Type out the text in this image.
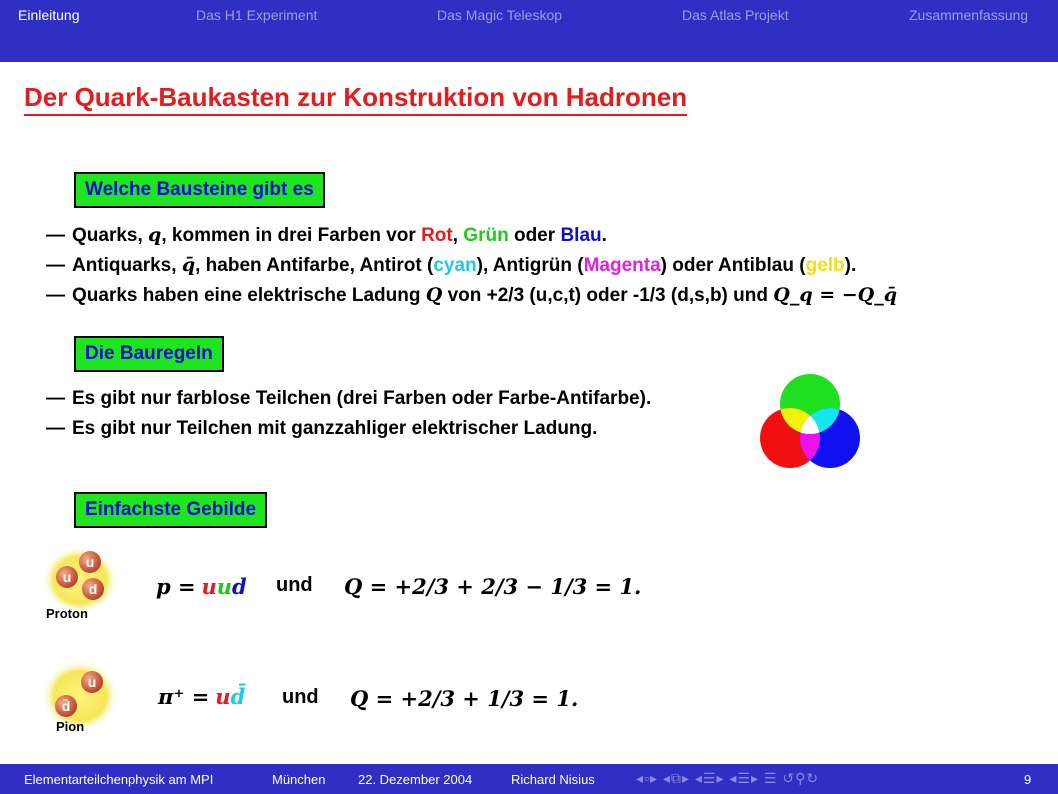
Einleitung	Das H1 Experiment	Das Magic Teleskop	Das Atlas Projekt	Zusammenfassung
Der Quark-Baukasten zur Konstruktion von Hadronen
Welche Bausteine gibt es
— Quarks, q, kommen in drei Farben vor Rot, Grün oder Blau.
— Antiquarks, q̄, haben Antifarbe, Antirot (cyan), Antigrün (Magenta) oder Antiblau (gelb).
— Quarks haben eine elektrische Ladung Q von +2/3 (u,c,t) oder -1/3 (d,s,b) und Q_q = −Q_q̄
Die Bauregeln
— Es gibt nur farblose Teilchen (drei Farben oder Farbe-Antifarbe).
— Es gibt nur Teilchen mit ganzzahliger elektrischer Ladung.
Einfachste Gebilde
u
u
d
Proton
p = uud und Q = +2/3 + 2/3 − 1/3 = 1.
u
d̄
Pion
π⁺ = ud̄ und Q = +2/3 + 1/3 = 1.
Elementarteilchenphysik am MPI	München	22. Dezember 2004	Richard Nisius	◂▫▸ ◂⧉▸ ◂☰▸ ◂☰▸ ☰ ↺⚲↻	9
